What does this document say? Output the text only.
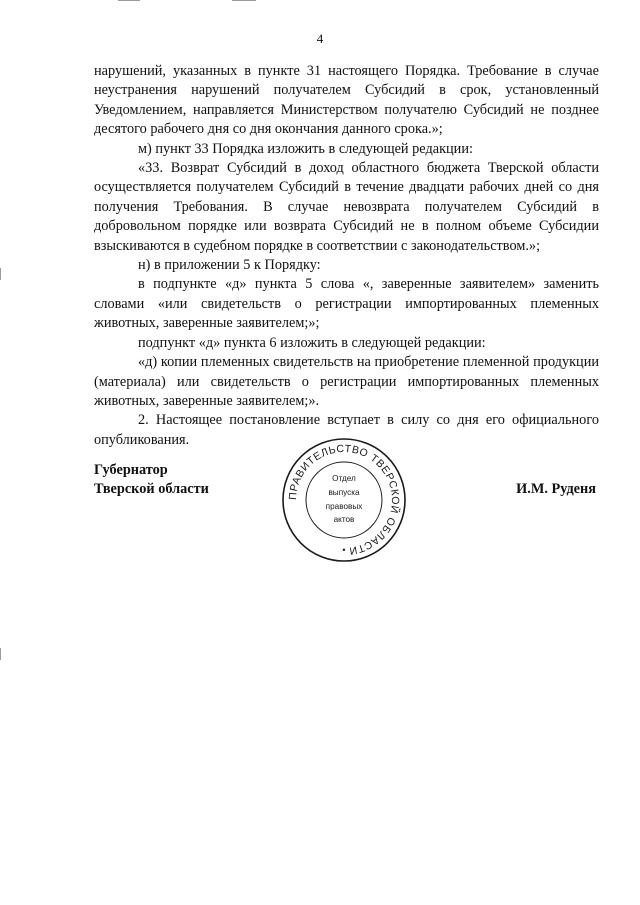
4

нарушений, указанных в пункте 31 настоящего Порядка. Требование в случае неустранения нарушений получателем Субсидий в срок, установленный Уведомлением, направляется Министерством получателю Субсидий не позднее десятого рабочего дня со дня окончания данного срока.»;

м) пункт 33 Порядка изложить в следующей редакции:

«33. Возврат Субсидий в доход областного бюджета Тверской области осуществляется получателем Субсидий в течение двадцати рабочих дней со дня получения Требования. В случае невозврата получателем Субсидий в добровольном порядке или возврата Субсидий не в полном объеме Субсидии взыскиваются в судебном порядке в соответствии с законодательством.»;

н) в приложении 5 к Порядку:

в подпункте «д» пункта 5 слова «, заверенные заявителем» заменить словами «или свидетельств о регистрации импортированных племенных животных, заверенные заявителем;»;

подпункт «д» пункта 6 изложить в следующей редакции:

«д) копии племенных свидетельств на приобретение племенной продукции (материала) или свидетельств о регистрации импортированных племенных животных, заверенные заявителем;».

2. Настоящее постановление вступает в силу со дня его официального опубликования.

Губернатор
Тверской области	ПРАВИТЕЛЬСТВО ТВЕРСКОЙ ОБЛАСТИ
Отдел
выпуска
правовых
актов
•
И.М. Руденя
